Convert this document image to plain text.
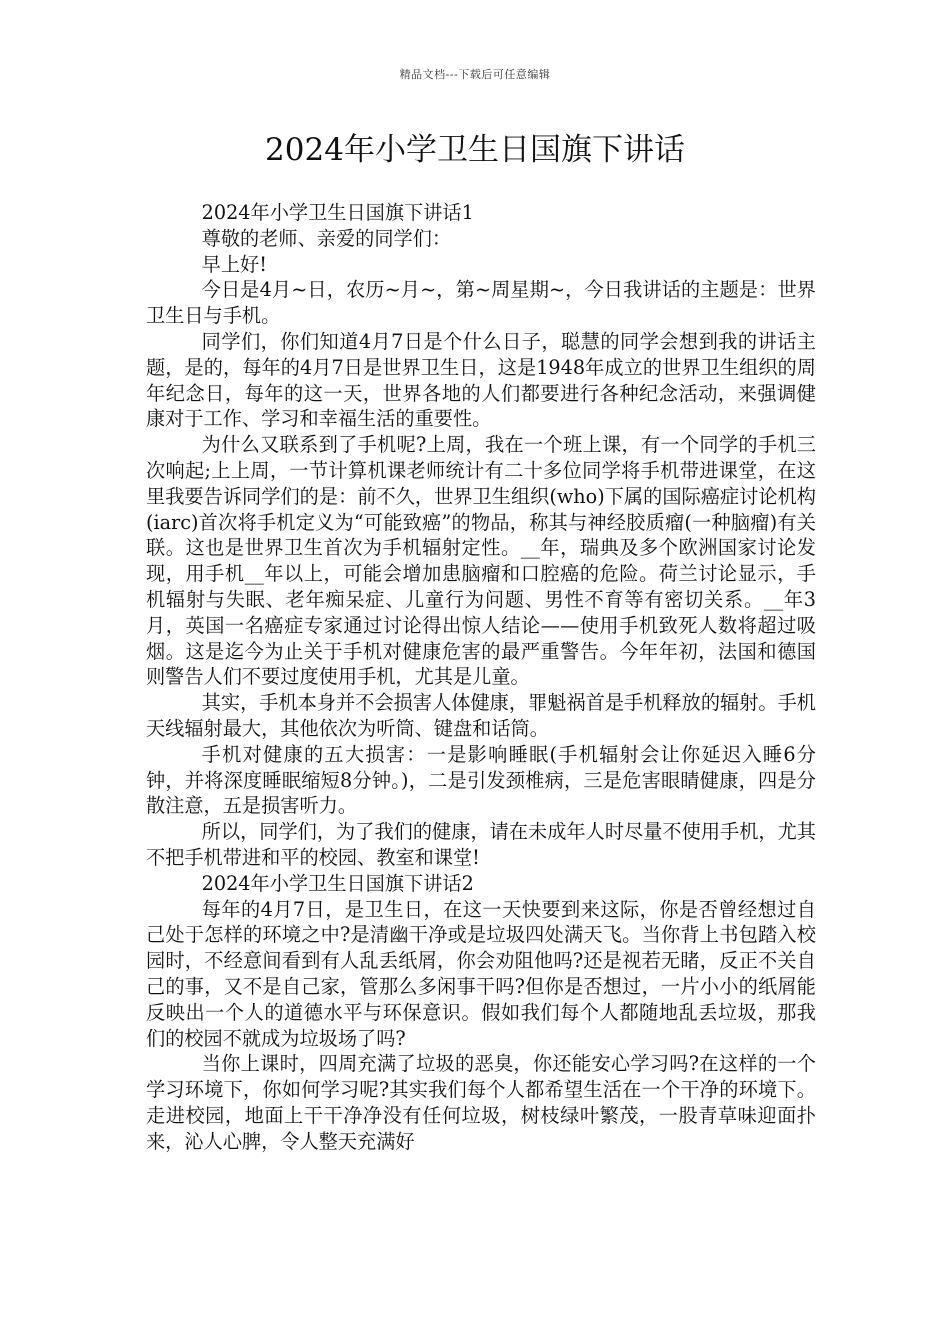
精品文档---下载后可任意编辑
2024年小学卫生日国旗下讲话

2024年小学卫生日国旗下讲话1

尊敬的老师、亲爱的同学们：

早上好!

今日是4月~日，农历~月~，第~周星期~，今日我讲话的主题是：世界卫生日与手机。

同学们，你们知道4月7日是个什么日子，聪慧的同学会想到我的讲话主题，是的，每年的4月7日是世界卫生日，这是1948年成立的世界卫生组织的周年纪念日，每年的这一天，世界各地的人们都要进行各种纪念活动，来强调健康对于工作、学习和幸福生活的重要性。

为什么又联系到了手机呢?上周，我在一个班上课，有一个同学的手机三次响起;上上周，一节计算机课老师统计有二十多位同学将手机带进课堂，在这里我要告诉同学们的是：前不久，世界卫生组织(who)下属的国际癌症讨论机构(iarc)首次将手机定义为“可能致癌”的物品，称其与神经胶质瘤(一种脑瘤)有关联。这也是世界卫生首次为手机辐射定性。__年，瑞典及多个欧洲国家讨论发现，用手机__年以上，可能会增加患脑瘤和口腔癌的危险。荷兰讨论显示，手机辐射与失眠、老年痴呆症、儿童行为问题、男性不育等有密切关系。__年3月，英国一名癌症专家通过讨论得出惊人结论——使用手机致死人数将超过吸烟。这是迄今为止关于手机对健康危害的最严重警告。今年年初，法国和德国则警告人们不要过度使用手机，尤其是儿童。

其实，手机本身并不会损害人体健康，罪魁祸首是手机释放的辐射。手机天线辐射最大，其他依次为听筒、键盘和话筒。

手机对健康的五大损害：一是影响睡眠(手机辐射会让你延迟入睡6分钟，并将深度睡眠缩短8分钟。)，二是引发颈椎病，三是危害眼睛健康，四是分散注意，五是损害听力。

所以，同学们，为了我们的健康，请在未成年人时尽量不使用手机，尤其不把手机带进和平的校园、教室和课堂!

2024年小学卫生日国旗下讲话2

每年的4月7日，是卫生日，在这一天快要到来这际，你是否曾经想过自己处于怎样的环境之中?是清幽干净或是垃圾四处满天飞。当你背上书包踏入校园时，不经意间看到有人乱丢纸屑，你会劝阻他吗?还是视若无睹，反正不关自己的事，又不是自己家，管那么多闲事干吗?但你是否想过，一片小小的纸屑能反映出一个人的道德水平与环保意识。假如我们每个人都随地乱丢垃圾，那我们的校园不就成为垃圾场了吗?

当你上课时，四周充满了垃圾的恶臭，你还能安心学习吗?在这样的一个学习环境下，你如何学习呢?其实我们每个人都希望生活在一个干净的环境下。走进校园，地面上干干净净没有任何垃圾，树枝绿叶繁茂，一股青草味迎面扑来，沁人心脾，令人整天充满好
